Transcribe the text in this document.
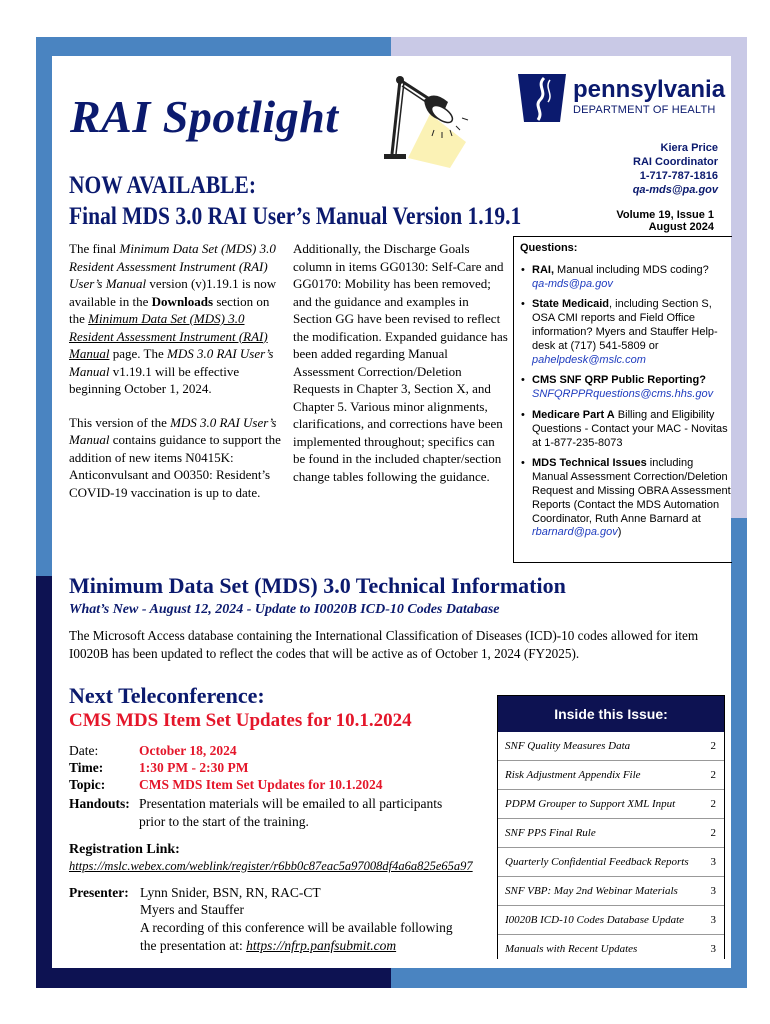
RAI Spotlight
pennsylvania
DEPARTMENT OF HEALTH
Kiera Price
RAI Coordinator
1-717-787-1816
qa-mds@pa.gov
Volume 19, Issue 1
August 2024
NOW AVAILABLE:
Final MDS 3.0 RAI User’s Manual Version 1.19.1

The final Minimum Data Set (MDS) 3.0 Resident Assessment Instrument (RAI) User’s Manual version (v)1.19.1 is now available in the Downloads section on the Minimum Data Set (MDS) 3.0 Resident Assessment Instrument (RAI) Manual page. The MDS 3.0 RAI User’s Manual v1.19.1 will be effective beginning October 1, 2024.

This version of the MDS 3.0 RAI User’s Manual contains guidance to support the addition of new items N0415K: Anticonvulsant and O0350: Resident’s COVID-19 vaccination is up to date.

Additionally, the Discharge Goals column in items GG0130: Self-Care and GG0170: Mobility has been removed; and the guidance and examples in Section GG have been revised to reflect the modification. Expanded guidance has been added regarding Manual Assessment Correction/Deletion Requests in Chapter 3, Section X, and Chapter 5. Various minor alignments, clarifications, and corrections have been implemented throughout; specifics can be found in the included chapter/section change tables following the guidance.

Questions:
• RAI, Manual including MDS coding?
qa-mds@pa.gov
• State Medicaid, including Section S, OSA CMI reports and Field Office information? Myers and Stauffer Help-desk at (717) 541-5809 or
pahelpdesk@mslc.com
• CMS SNF QRP Public Reporting?
SNFQRPPRquestions@cms.hhs.gov
• Medicare Part A Billing and Eligibility Questions - Contact your MAC - Novitas at 1-877-235-8073
• MDS Technical Issues including Manual Assessment Correction/Deletion Request and Missing OBRA Assessment Reports (Contact the MDS Automation Coordinator, Ruth Anne Barnard at rbarnard@pa.gov)
Minimum Data Set (MDS) 3.0 Technical Information
What’s New - August 12, 2024 - Update to I0020B ICD-10 Codes Database
The Microsoft Access database containing the International Classification of Diseases (ICD)-10 codes allowed for item I0020B has been updated to reflect the codes that will be active as of October 1, 2024 (FY2025).
Next Teleconference:
CMS MDS Item Set Updates for 10.1.2024
Date:	October 18, 2024
Time:	1:30 PM - 2:30 PM
Topic: CMS MDS Item Set Updates for 10.1.2024
Handouts: Presentation materials will be emailed to all participants
prior to the start of the training.
Registration Link:
https://mslc.webex.com/weblink/register/r6bb0c87eac5a97008df4a6a825e65a97
Presenter: Lynn Snider, BSN, RN, RAC-CT
Myers and Stauffer
A recording of this conference will be available following
the presentation at: https://nfrp.panfsubmit.com
Inside this Issue:
SNF Quality Measures Data	2
Risk Adjustment Appendix File	2
PDPM Grouper to Support XML Input	2
SNF PPS Final Rule	2
Quarterly Confidential Feedback Reports 3
SNF VBP: May 2nd Webinar Materials	3
I0020B ICD-10 Codes Database Update 3
Manuals with Recent Updates	3
